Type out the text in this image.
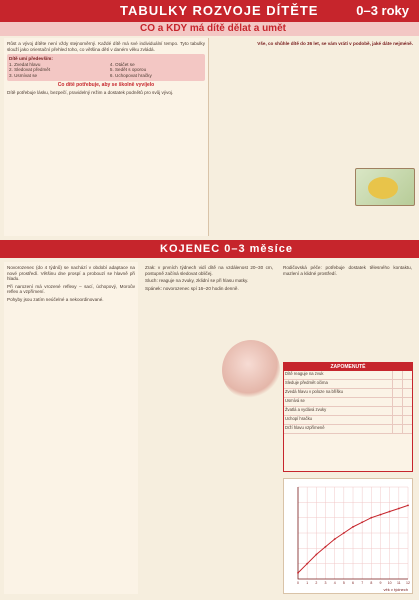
TABULKY ROZVOJE DÍTĚTE	0–3 roky
CO a KDY má dítě dělat a umět

Růst a vývoj dítěte není vždy stejnoměrný. Každé dítě má své individuální tempo. Tyto tabulky slouží jako orientační přehled toho, co většina dětí v daném věku zvládá.

Dítě umí především:
1. Zvedat hlavu	4. Otáčet se
2. Sledovat předmět	5. Sedět s oporou
3. Usmívat se	6. Uchopovat hračky
Co dítě potřebuje, aby se školně vyvíjelo

Dítě potřebuje lásku, bezpečí, pravidelný režim a dostatek podnětů pro svůj vývoj.

Vše, co shůhle dítě do 36 let, se vám vrátí v podobě, jaké dáte nejméně.
KOJENEC 0–3 měsíce

Novorozenec (do 4 týdnů) se nachází v období adaptace na nové prostředí. Většinu dne prospí a probouzí se hlavně při hladu.

Při narození má vrozené reflexy – sací, úchopový, Moroův reflex a vzpřímení.

Pohyby jsou zatím neúčelné a nekoordinované.

Zrak: v prvních týdnech vidí dítě na vzdálenost 20–30 cm, postupně začíná sledovat obličej.

Sluch: reaguje na zvuky, zklidní se při hlasu matky.

Spánek: novorozenec spí 16–20 hodin denně.

Rodičovská péče: potřebuje dostatek tělesného kontaktu, mazlení a klidné prostředí.

ZAPOMENUTÉ
Dítě reaguje na zvuk
Sleduje předmět očima
Zvedá hlavu v poloze na bříšku
Usmívá se
Žvatlá a vydává zvuky
Uchopí hračku
Drží hlavu vzpřímeně
0 1 2 3 4 5 6 7 8 9 10 11 12
věk v týdnech
